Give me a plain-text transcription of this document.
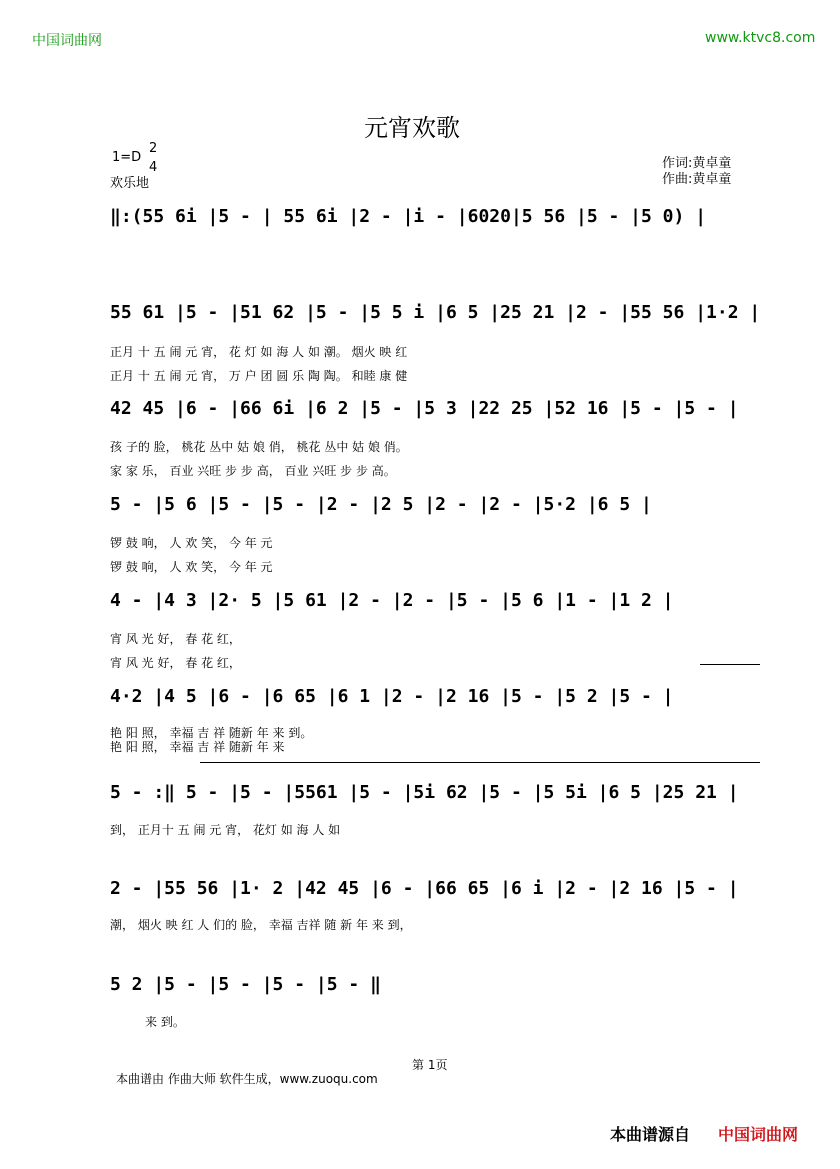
中国词曲网	www.ktvc8.com
元宵欢歌
1=D
2
4
欢乐地
作词:黄卓童
作曲:黄卓童
‖:(55 6i |5 - | 55 6i |2 - |i - |6020|5 56 |5 - |5 0) |
55 61 |5 - |51 62 |5 - |5 5 i |6 5 |25 21 |2 - |55 56 |1·2 |
正月 十 五 闹 元 宵， 花 灯 如 海 人 如 潮。 烟火 映 红
正月 十 五 闹 元 宵， 万 户 团 圆 乐 陶 陶。 和睦 康 健
42 45 |6 - |66 6i |6 2 |5 - |5 3 |22 25 |52 16 |5 - |5 - |
孩 子的 脸， 桃花 丛中 姑 娘 俏， 桃花 丛中 姑 娘 俏。
家 家 乐， 百业 兴旺 步 步 高， 百业 兴旺 步 步 高。
5 - |5 6 |5 - |5 - |2 - |2 5 |2 - |2 - |5·2 |6 5 |
锣 鼓 响， 人 欢 笑， 今 年 元
锣 鼓 响， 人 欢 笑， 今 年 元
4 - |4 3 |2· 5 |5 61 |2 - |2 - |5 - |5 6 |1 - |1 2 |
宵 风 光 好， 春 花 红，
宵 风 光 好， 春 花 红，
4·2 |4 5 |6 - |6 65 |6 1 |2 - |2 16 |5 - |5 2 |5 - |
艳 阳 照， 幸福 吉 祥 随新 年 来 到。
艳 阳 照， 幸福 吉 祥 随新 年 来
5 - :‖ 5 - |5 - |5561 |5 - |5i 62 |5 - |5 5i |6 5 |25 21 |
到， 正月十 五 闹 元 宵， 花灯 如 海 人 如
2 - |55 56 |1· 2 |42 45 |6 - |66 65 |6 i |2 - |2 16 |5 - |
潮， 烟火 映 红 人 们的 脸， 幸福 吉祥 随 新 年 来 到，
5 2 |5 - |5 - |5 - |5 - ‖
来 到。
第 1页
本曲谱由 作曲大师 软件生成，www.zuoqu.com
本曲谱源自 中国词曲网
